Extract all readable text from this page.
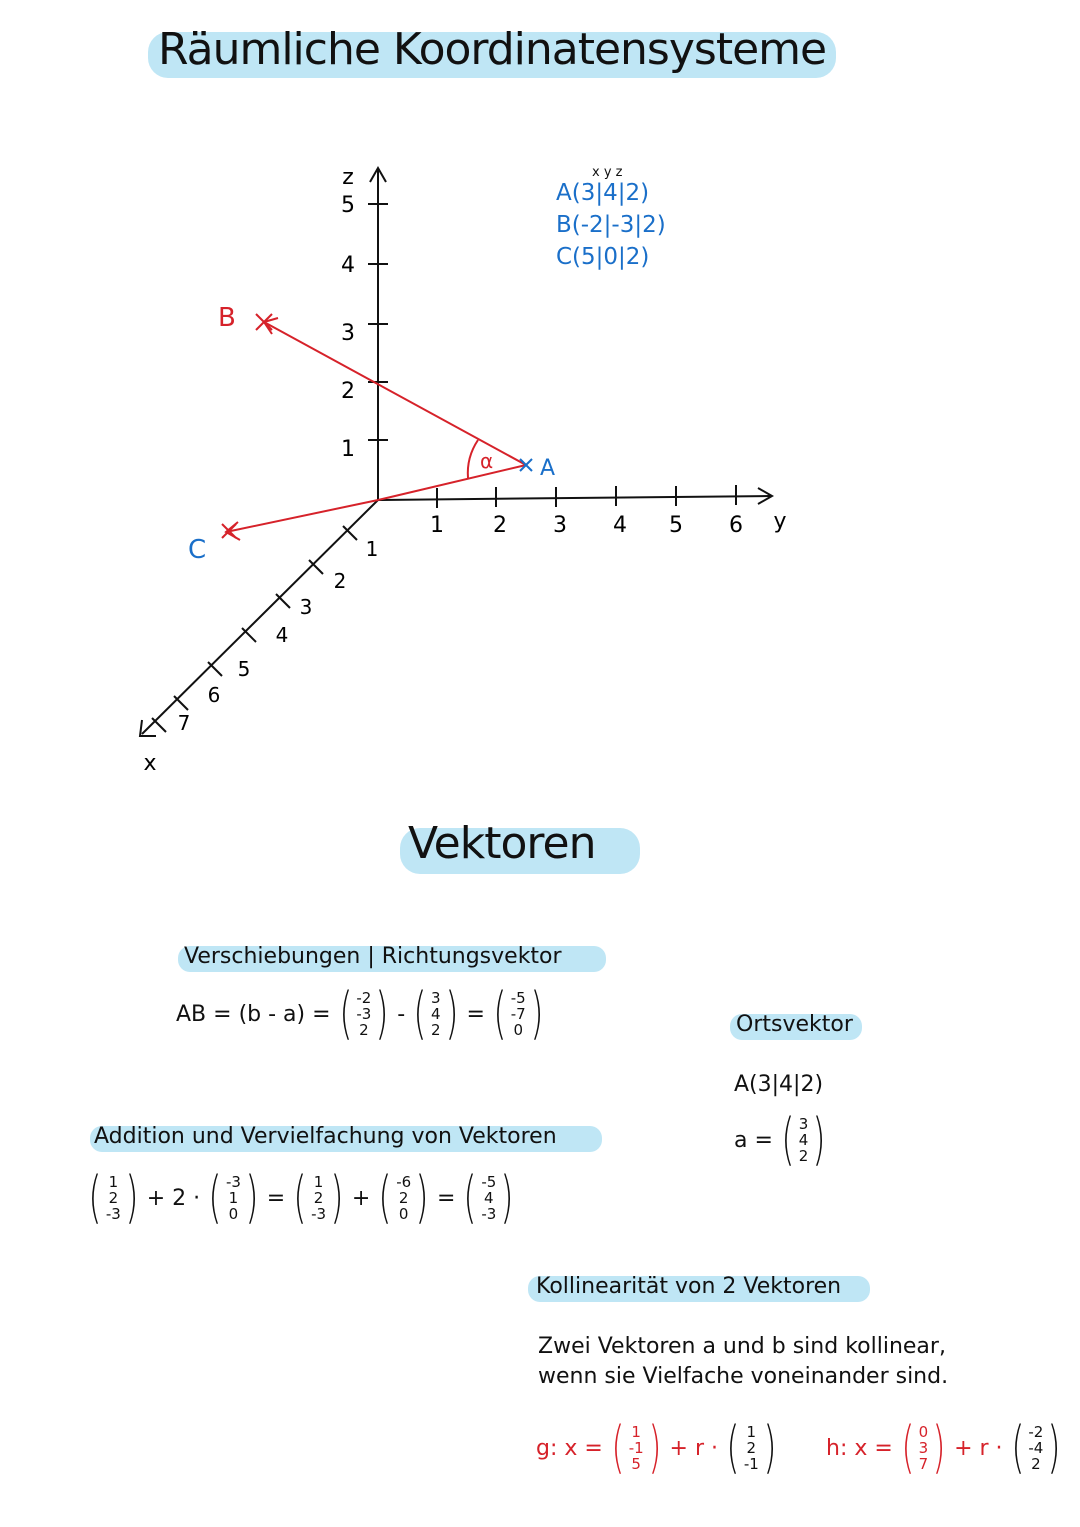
Räumliche Koordinatensysteme
1
2
3
4
5
z
1 2 3 4 5 6 y
1
2
3
4
5
6
7
x
α A
B
C
x y z
A(3|4|2)
B(-2|-3|2)
C(5|0|2)
Vektoren
Verschiebungen | Richtungsvektor
AB = (b - a) = ( -2
-3
2 ) - ( 3
4
2 ) = ( -5
-7
0 )	Ortsvektor
A(3|4|2)
a = ( 3
4
2 )
Addition und Vervielfachung von Vektoren
( 1
2
-3 ) + 2 · ( -3
1
0 ) = ( 1
2
-3 ) + ( -6
2
0 ) = ( -5
4
-3 )
Kollinearität von 2 Vektoren
Zwei Vektoren a und b sind kollinear,
wenn sie Vielfache voneinander sind.
g: x = ( 1
-1
5 ) + r · ( 1
2
-1 ) h: x = ( 0
3
7 ) + r · ( -2
-4
2 )
